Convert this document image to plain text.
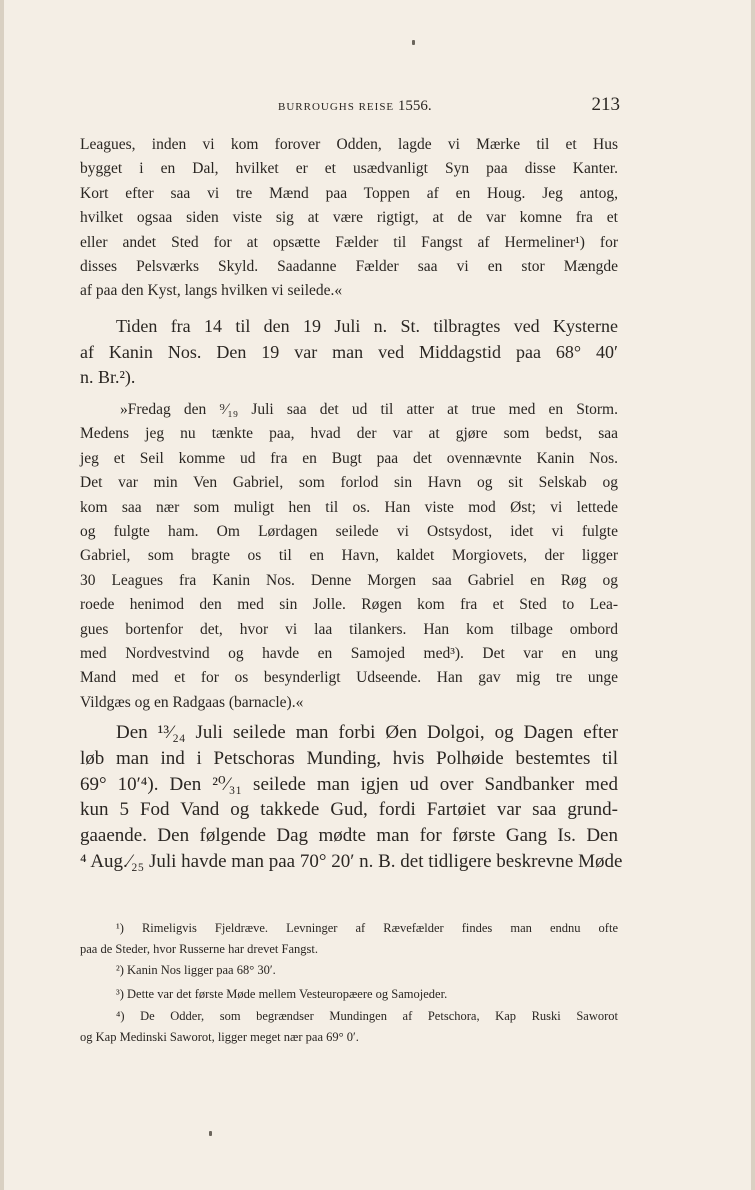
BURROUGHS REISE 1556.	213
Leagues, inden vi kom forover Odden, lagde vi Mærke til et Hus
bygget i en Dal, hvilket er et usædvanligt Syn paa disse Kanter.
Kort efter saa vi tre Mænd paa Toppen af en Houg. Jeg antog,
hvilket ogsaa siden viste sig at være rigtigt, at de var komne fra et
eller andet Sted for at opsætte Fælder til Fangst af Hermeliner¹) for
disses Pelsværks Skyld. Saadanne Fælder saa vi en stor Mængde
af paa den Kyst, langs hvilken vi seilede.«
Tiden fra 14 til den 19 Juli n. St. tilbragtes ved Kysterne
af Kanin Nos. Den 19 var man ved Middagstid paa 68° 40′
n. Br.²).
»Fredag den ⁹⁄₁₉ Juli saa det ud til atter at true med en Storm.
Medens jeg nu tænkte paa, hvad der var at gjøre som bedst, saa
jeg et Seil komme ud fra en Bugt paa det ovennævnte Kanin Nos.
Det var min Ven Gabriel, som forlod sin Havn og sit Selskab og
kom saa nær som muligt hen til os. Han viste mod Øst; vi lettede
og fulgte ham. Om Lørdagen seilede vi Ostsydost, idet vi fulgte
Gabriel, som bragte os til en Havn, kaldet Morgiovets, der ligger
30 Leagues fra Kanin Nos. Denne Morgen saa Gabriel en Røg og
roede henimod den med sin Jolle. Røgen kom fra et Sted to Lea-
gues bortenfor det, hvor vi laa tilankers. Han kom tilbage ombord
med Nordvestvind og havde en Samojed med³). Det var en ung
Mand med et for os besynderligt Udseende. Han gav mig tre unge
Vildgæs og en Radgaas (barnacle).«
Den ¹³⁄₂₄ Juli seilede man forbi Øen Dolgoi, og Dagen efter
løb man ind i Petschoras Munding, hvis Polhøide bestemtes til
69° 10′⁴). Den ²⁰⁄₃₁ seilede man igjen ud over Sandbanker med
kun 5 Fod Vand og takkede Gud, fordi Fartøiet var saa grund-
gaaende. Den følgende Dag mødte man for første Gang Is. Den
⁴ Aug.⁄₂₅ Juli havde man paa 70° 20′ n. B. det tidligere beskrevne Møde
¹) Rimeligvis Fjeldræve. Levninger af Rævefælder findes man endnu ofte
paa de Steder, hvor Russerne har drevet Fangst.
²) Kanin Nos ligger paa 68° 30′.
³) Dette var det første Møde mellem Vesteuropæere og Samojeder.
⁴) De Odder, som begrændser Mundingen af Petschora, Kap Ruski Saworot
og Kap Medinski Saworot, ligger meget nær paa 69° 0′.
